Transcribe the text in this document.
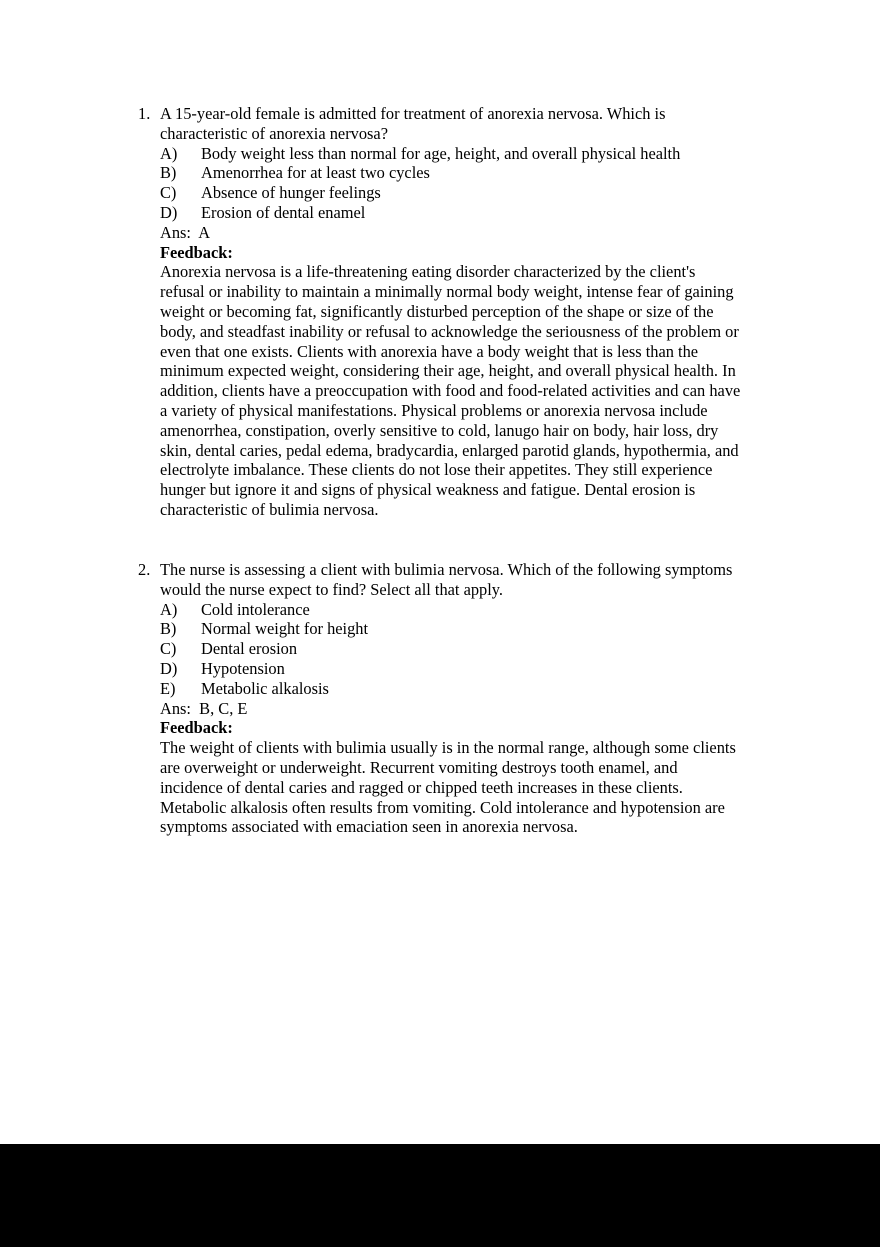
1. A 15-year-old female is admitted for treatment of anorexia nervosa. Which is
characteristic of anorexia nervosa?
A)	Body weight less than normal for age, height, and overall physical health
B)	Amenorrhea for at least two cycles
C)	Absence of hunger feelings
D)	Erosion of dental enamel
Ans:  A
Feedback:
Anorexia nervosa is a life-threatening eating disorder characterized by the client's
refusal or inability to maintain a minimally normal body weight, intense fear of gaining
weight or becoming fat, significantly disturbed perception of the shape or size of the
body, and steadfast inability or refusal to acknowledge the seriousness of the problem or
even that one exists. Clients with anorexia have a body weight that is less than the
minimum expected weight, considering their age, height, and overall physical health. In
addition, clients have a preoccupation with food and food-related activities and can have
a variety of physical manifestations. Physical problems or anorexia nervosa include
amenorrhea, constipation, overly sensitive to cold, lanugo hair on body, hair loss, dry
skin, dental caries, pedal edema, bradycardia, enlarged parotid glands, hypothermia, and
electrolyte imbalance. These clients do not lose their appetites. They still experience
hunger but ignore it and signs of physical weakness and fatigue. Dental erosion is
characteristic of bulimia nervosa.
2. The nurse is assessing a client with bulimia nervosa. Which of the following symptoms
would the nurse expect to find? Select all that apply.
A)	Cold intolerance
B)	Normal weight for height
C)	Dental erosion
D)	Hypotension
E)	Metabolic alkalosis
Ans:  B, C, E
Feedback:
The weight of clients with bulimia usually is in the normal range, although some clients
are overweight or underweight. Recurrent vomiting destroys tooth enamel, and
incidence of dental caries and ragged or chipped teeth increases in these clients.
Metabolic alkalosis often results from vomiting. Cold intolerance and hypotension are
symptoms associated with emaciation seen in anorexia nervosa.
